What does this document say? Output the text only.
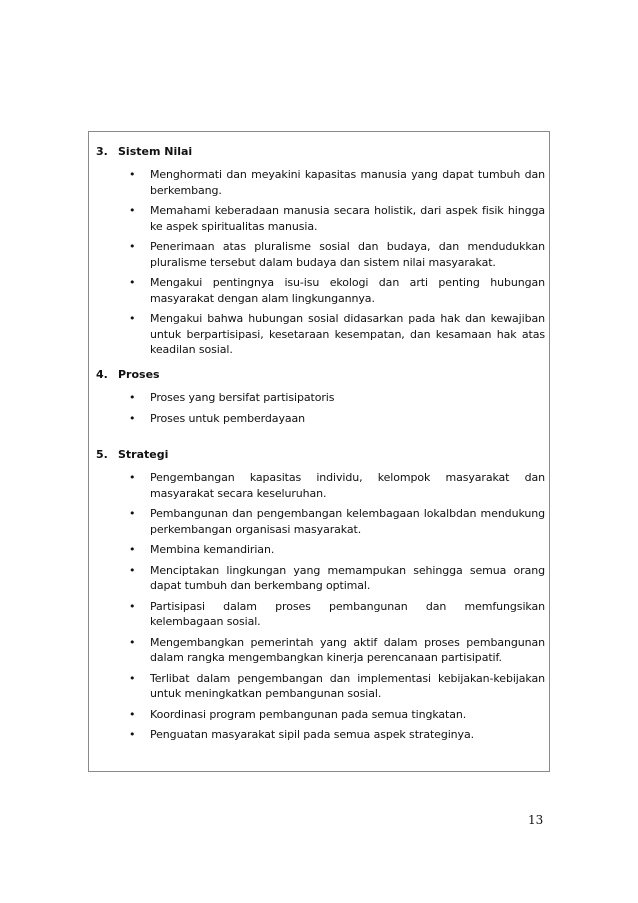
3. Sistem Nilai
• Menghormati dan meyakini kapasitas manusia yang dapat tumbuh dan berkembang.
• Memahami keberadaan manusia secara holistik, dari aspek fisik hingga ke aspek spiritualitas manusia.
• Penerimaan atas pluralisme sosial dan budaya, dan mendudukkan pluralisme tersebut dalam budaya dan sistem nilai masyarakat.
• Mengakui pentingnya isu-isu ekologi dan arti penting hubungan masyarakat dengan alam lingkungannya.
• Mengakui bahwa hubungan sosial didasarkan pada hak dan kewajiban untuk berpartisipasi, kesetaraan kesempatan, dan kesamaan hak atas keadilan sosial.
4. Proses
• Proses yang bersifat partisipatoris
• Proses untuk pemberdayaan
5. Strategi
• Pengembangan kapasitas individu, kelompok masyarakat dan masyarakat secara keseluruhan.
• Pembangunan dan pengembangan kelembagaan lokalbdan mendukung perkembangan organisasi masyarakat.
• Membina kemandirian.
• Menciptakan lingkungan yang memampukan sehingga semua orang dapat tumbuh dan berkembang optimal.
• Partisipasi dalam proses pembangunan dan memfungsikan kelembagaan sosial.
• Mengembangkan pemerintah yang aktif dalam proses pembangunan dalam rangka mengembangkan kinerja perencanaan partisipatif.
• Terlibat dalam pengembangan dan implementasi kebijakan-kebijakan untuk meningkatkan pembangunan sosial.
• Koordinasi program pembangunan pada semua tingkatan.
• Penguatan masyarakat sipil pada semua aspek strateginya.
13
